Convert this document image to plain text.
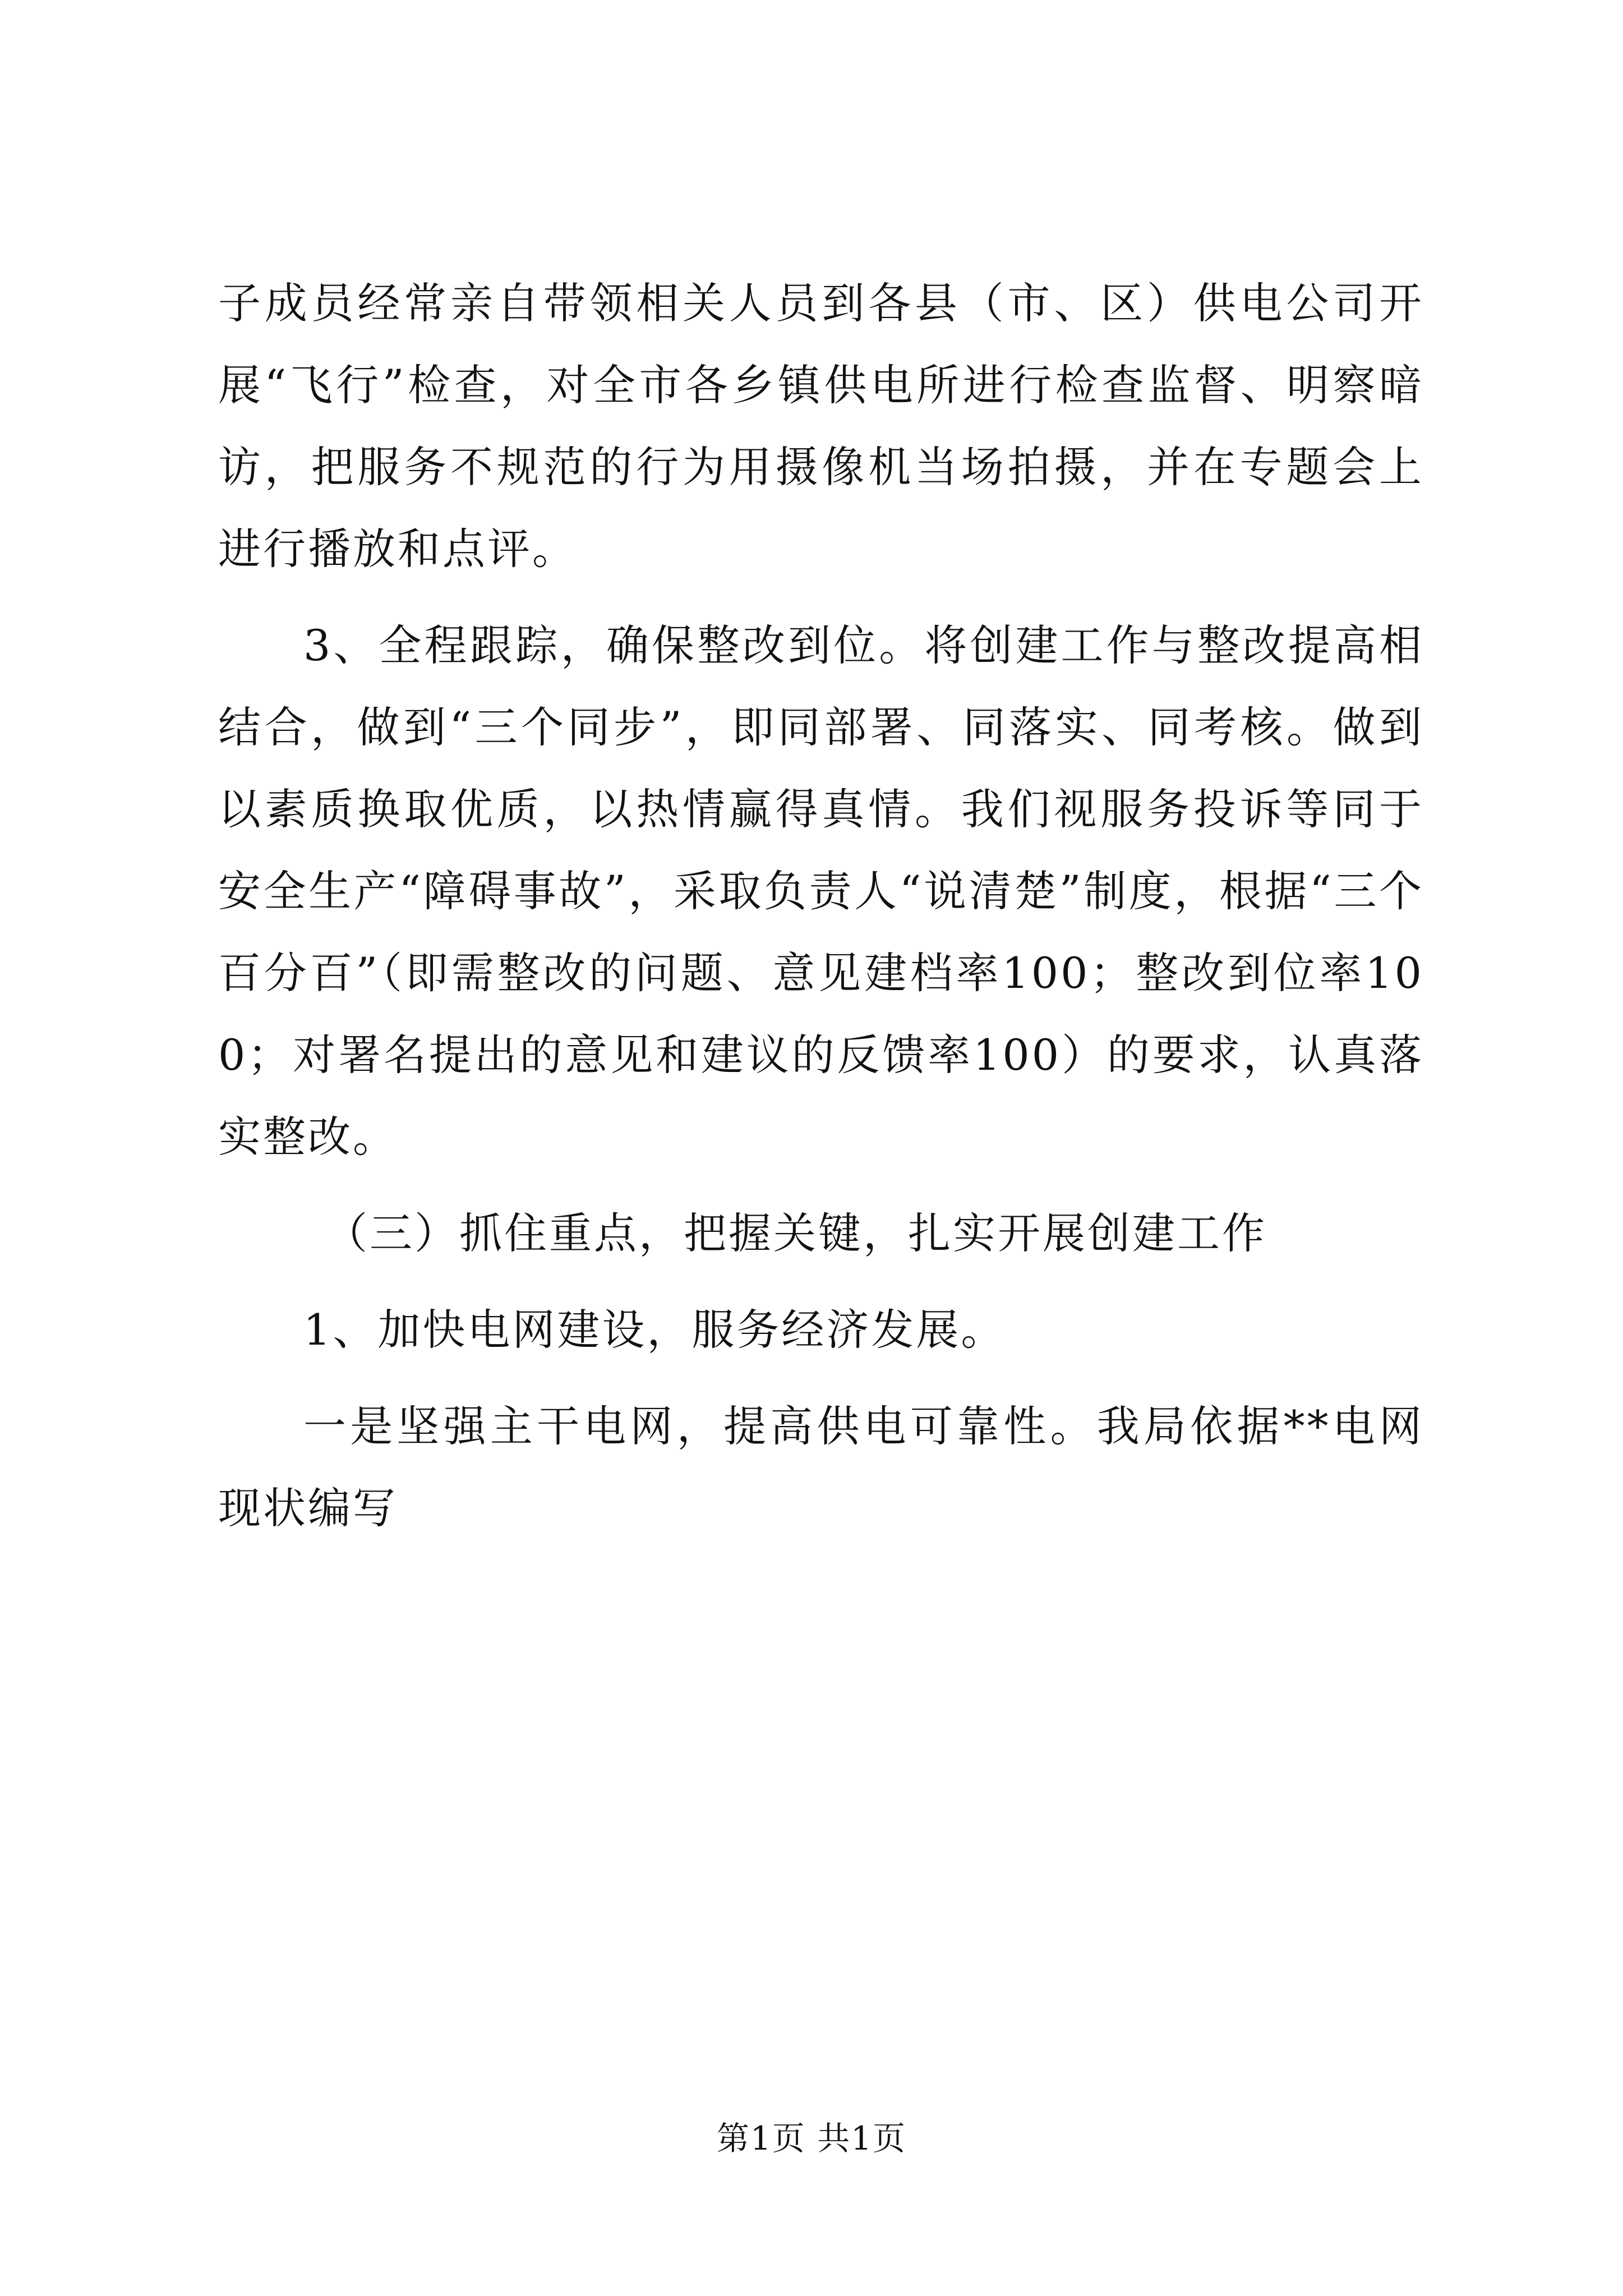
子成员经常亲自带领相关人员到各县（市、区）供电公司开展“飞行”检查，对全市各乡镇供电所进行检查监督、明察暗访，把服务不规范的行为用摄像机当场拍摄，并在专题会上进行播放和点评。

3、全程跟踪，确保整改到位。将创建工作与整改提高相结合，做到“三个同步”，即同部署、同落实、同考核。做到以素质换取优质，以热情赢得真情。我们视服务投诉等同于安全生产“障碍事故”，采取负责人“说清楚”制度，根据“三个百分百”（即需整改的问题、意见建档率100；整改到位率100；对署名提出的意见和建议的反馈率100）的要求，认真落实整改。

（三）抓住重点，把握关键，扎实开展创建工作

1、加快电网建设，服务经济发展。

一是坚强主干电网，提高供电可靠性。我局依据**电网现状编写

第1页 共1页
